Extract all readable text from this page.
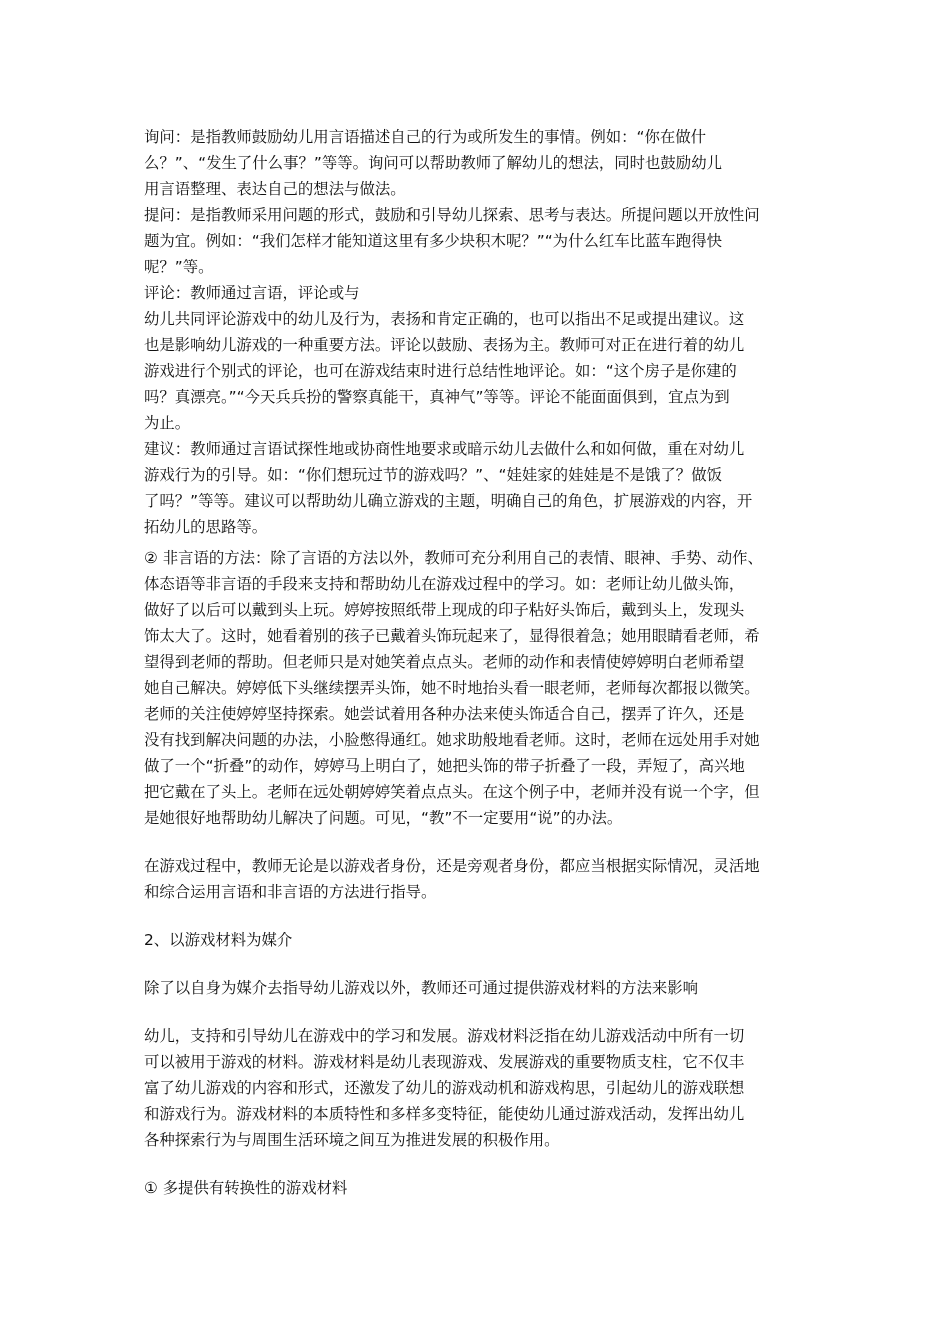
询问：是指教师鼓励幼儿用言语描述自己的行为或所发生的事情。例如：“你在做什
么？”、“发生了什么事？”等等。询问可以帮助教师了解幼儿的想法，同时也鼓励幼儿
用言语整理、表达自己的想法与做法。
提问：是指教师采用问题的形式，鼓励和引导幼儿探索、思考与表达。所提问题以开放性问
题为宜。例如：“我们怎样才能知道这里有多少块积木呢？”“为什么红车比蓝车跑得快
呢？”等。
评论：教师通过言语，评论或与
幼儿共同评论游戏中的幼儿及行为，表扬和肯定正确的，也可以指出不足或提出建议。这
也是影响幼儿游戏的一种重要方法。评论以鼓励、表扬为主。教师可对正在进行着的幼儿
游戏进行个别式的评论，也可在游戏结束时进行总结性地评论。如：“这个房子是你建的
吗？真漂亮。”“今天兵兵扮的警察真能干，真神气”等等。评论不能面面俱到，宜点为到
为止。
建议：教师通过言语试探性地或协商性地要求或暗示幼儿去做什么和如何做，重在对幼儿
游戏行为的引导。如：“你们想玩过节的游戏吗？”、“娃娃家的娃娃是不是饿了？做饭
了吗？”等等。建议可以帮助幼儿确立游戏的主题，明确自己的角色，扩展游戏的内容，开
拓幼儿的思路等。
② 非言语的方法：除了言语的方法以外，教师可充分利用自己的表情、眼神、手势、动作、
体态语等非言语的手段来支持和帮助幼儿在游戏过程中的学习。如：老师让幼儿做头饰，
做好了以后可以戴到头上玩。婷婷按照纸带上现成的印子粘好头饰后，戴到头上，发现头
饰太大了。这时，她看着别的孩子已戴着头饰玩起来了，显得很着急；她用眼睛看老师，希
望得到老师的帮助。但老师只是对她笑着点点头。老师的动作和表情使婷婷明白老师希望
她自己解决。婷婷低下头继续摆弄头饰，她不时地抬头看一眼老师，老师每次都报以微笑。
老师的关注使婷婷坚持探索。她尝试着用各种办法来使头饰适合自己，摆弄了许久，还是
没有找到解决问题的办法，小脸憋得通红。她求助般地看老师。这时，老师在远处用手对她
做了一个“折叠”的动作，婷婷马上明白了，她把头饰的带子折叠了一段，弄短了，高兴地
把它戴在了头上。老师在远处朝婷婷笑着点点头。在这个例子中，老师并没有说一个字，但
是她很好地帮助幼儿解决了问题。可见，“教”不一定要用“说”的办法。
在游戏过程中，教师无论是以游戏者身份，还是旁观者身份，都应当根据实际情况，灵活地
和综合运用言语和非言语的方法进行指导。
2、以游戏材料为媒介
除了以自身为媒介去指导幼儿游戏以外，教师还可通过提供游戏材料的方法来影响
幼儿，支持和引导幼儿在游戏中的学习和发展。游戏材料泛指在幼儿游戏活动中所有一切
可以被用于游戏的材料。游戏材料是幼儿表现游戏、发展游戏的重要物质支柱，它不仅丰
富了幼儿游戏的内容和形式，还激发了幼儿的游戏动机和游戏构思，引起幼儿的游戏联想
和游戏行为。游戏材料的本质特性和多样多变特征，能使幼儿通过游戏活动，发挥出幼儿
各种探索行为与周围生活环境之间互为推进发展的积极作用。
① 多提供有转换性的游戏材料
